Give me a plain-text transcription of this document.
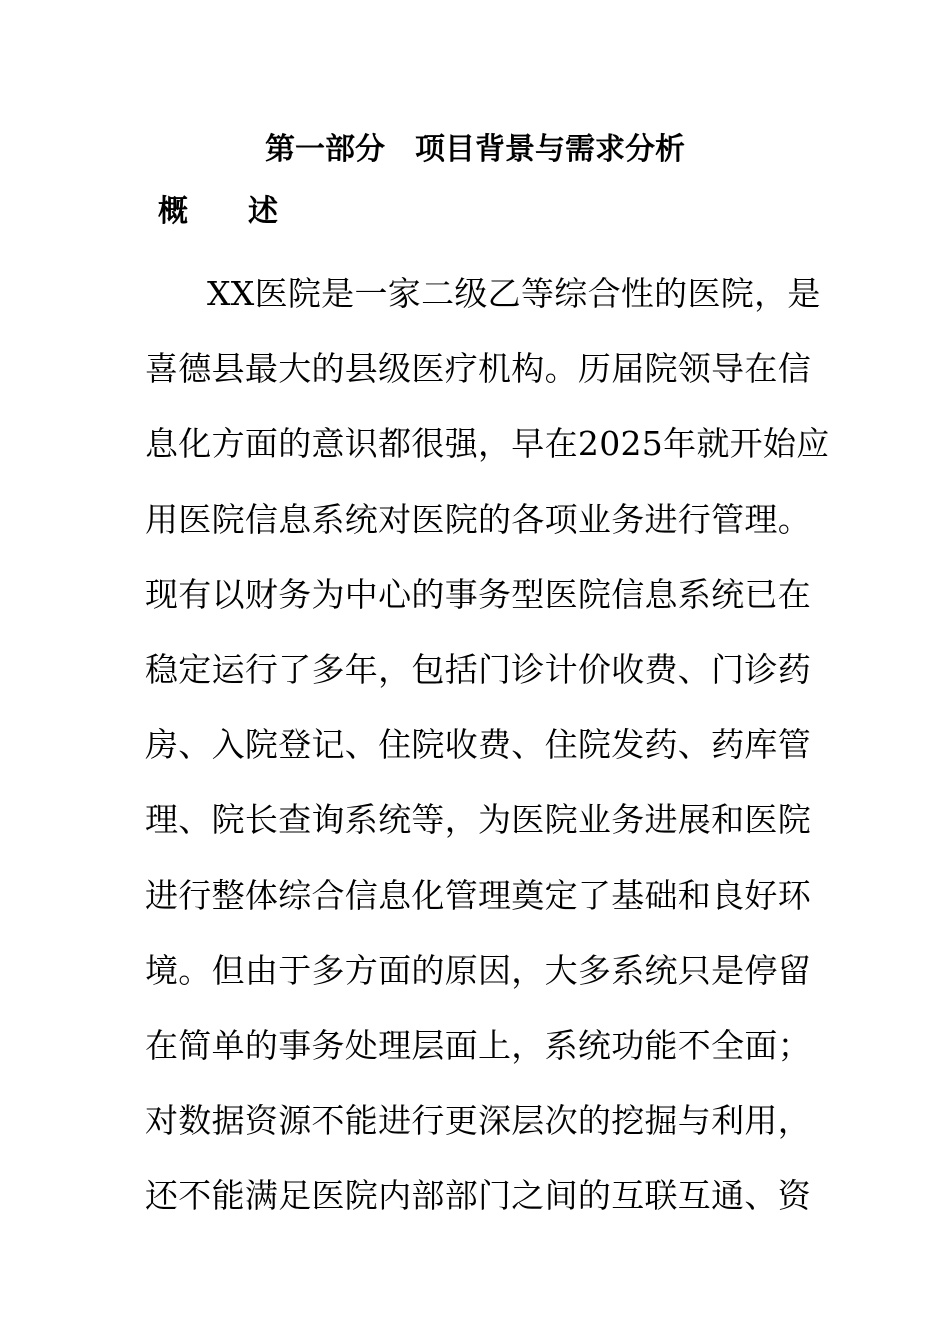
第一部分　项目背景与需求分析
概　　述
XX医院是一家二级乙等综合性的医院，是
喜德县最大的县级医疗机构。历届院领导在信
息化方面的意识都很强，早在2025年就开始应
用医院信息系统对医院的各项业务进行管理。
现有以财务为中心的事务型医院信息系统已在
稳定运行了多年，包括门诊计价收费、门诊药
房、入院登记、住院收费、住院发药、药库管
理、院长查询系统等，为医院业务进展和医院
进行整体综合信息化管理奠定了基础和良好环
境。但由于多方面的原因，大多系统只是停留
在简单的事务处理层面上，系统功能不全面；
对数据资源不能进行更深层次的挖掘与利用，
还不能满足医院内部部门之间的互联互通、资
